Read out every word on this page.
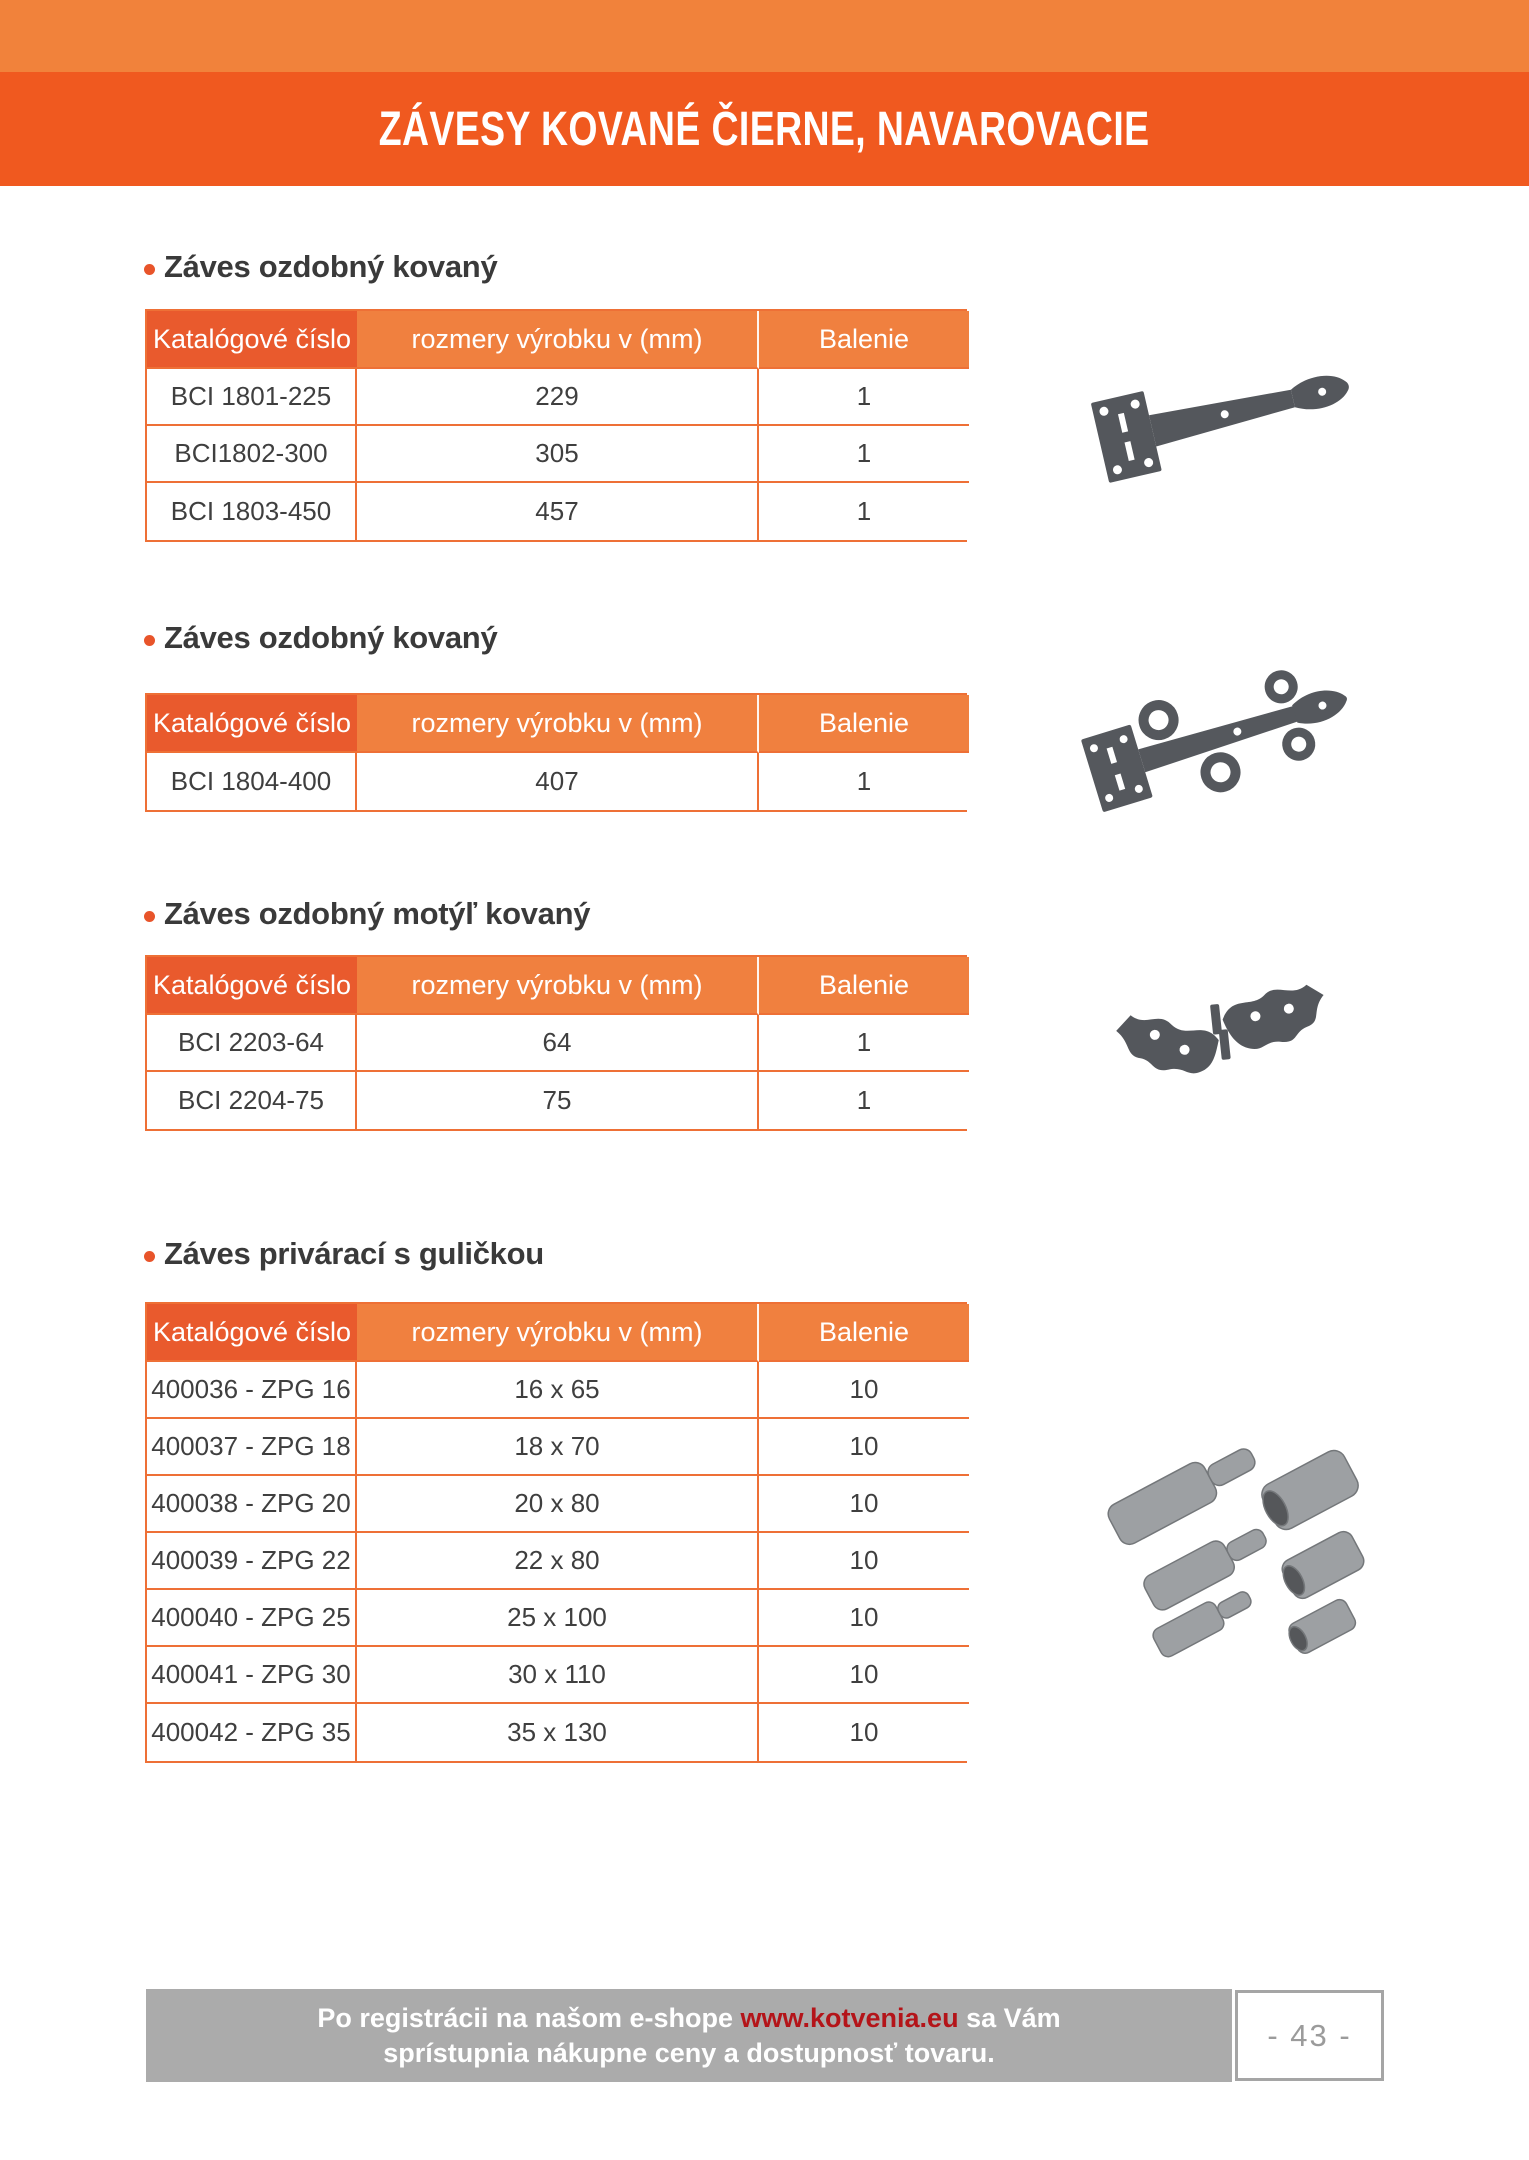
ZÁVESY KOVANÉ ČIERNE, NAVAROVACIE
Záves ozdobný kovaný
Katalógové číslo	rozmery výrobku v (mm)	Balenie
BCI 1801-225	229	1
BCI1802-300	305	1
BCI 1803-450	457	1
Záves ozdobný kovaný
Katalógové číslo	rozmery výrobku v (mm)	Balenie
BCI 1804-400	407	1
Záves ozdobný motýľ kovaný
Katalógové číslo	rozmery výrobku v (mm)	Balenie
BCI 2203-64	64	1
BCI 2204-75	75	1
Záves privárací s guličkou
Katalógové číslo	rozmery výrobku v (mm)	Balenie
400036 - ZPG 16	16 x 65	10
400037 - ZPG 18	18 x 70	10
400038 - ZPG 20	20 x 80	10
400039 - ZPG 22	22 x 80	10
400040 - ZPG 25	25 x 100	10
400041 - ZPG 30	30 x 110	10
400042 - ZPG 35	35 x 130	10
Po registrácii na našom e-shope www.kotvenia.eu sa Vám
sprístupnia nákupne ceny a dostupnosť tovaru.	- 43 -
